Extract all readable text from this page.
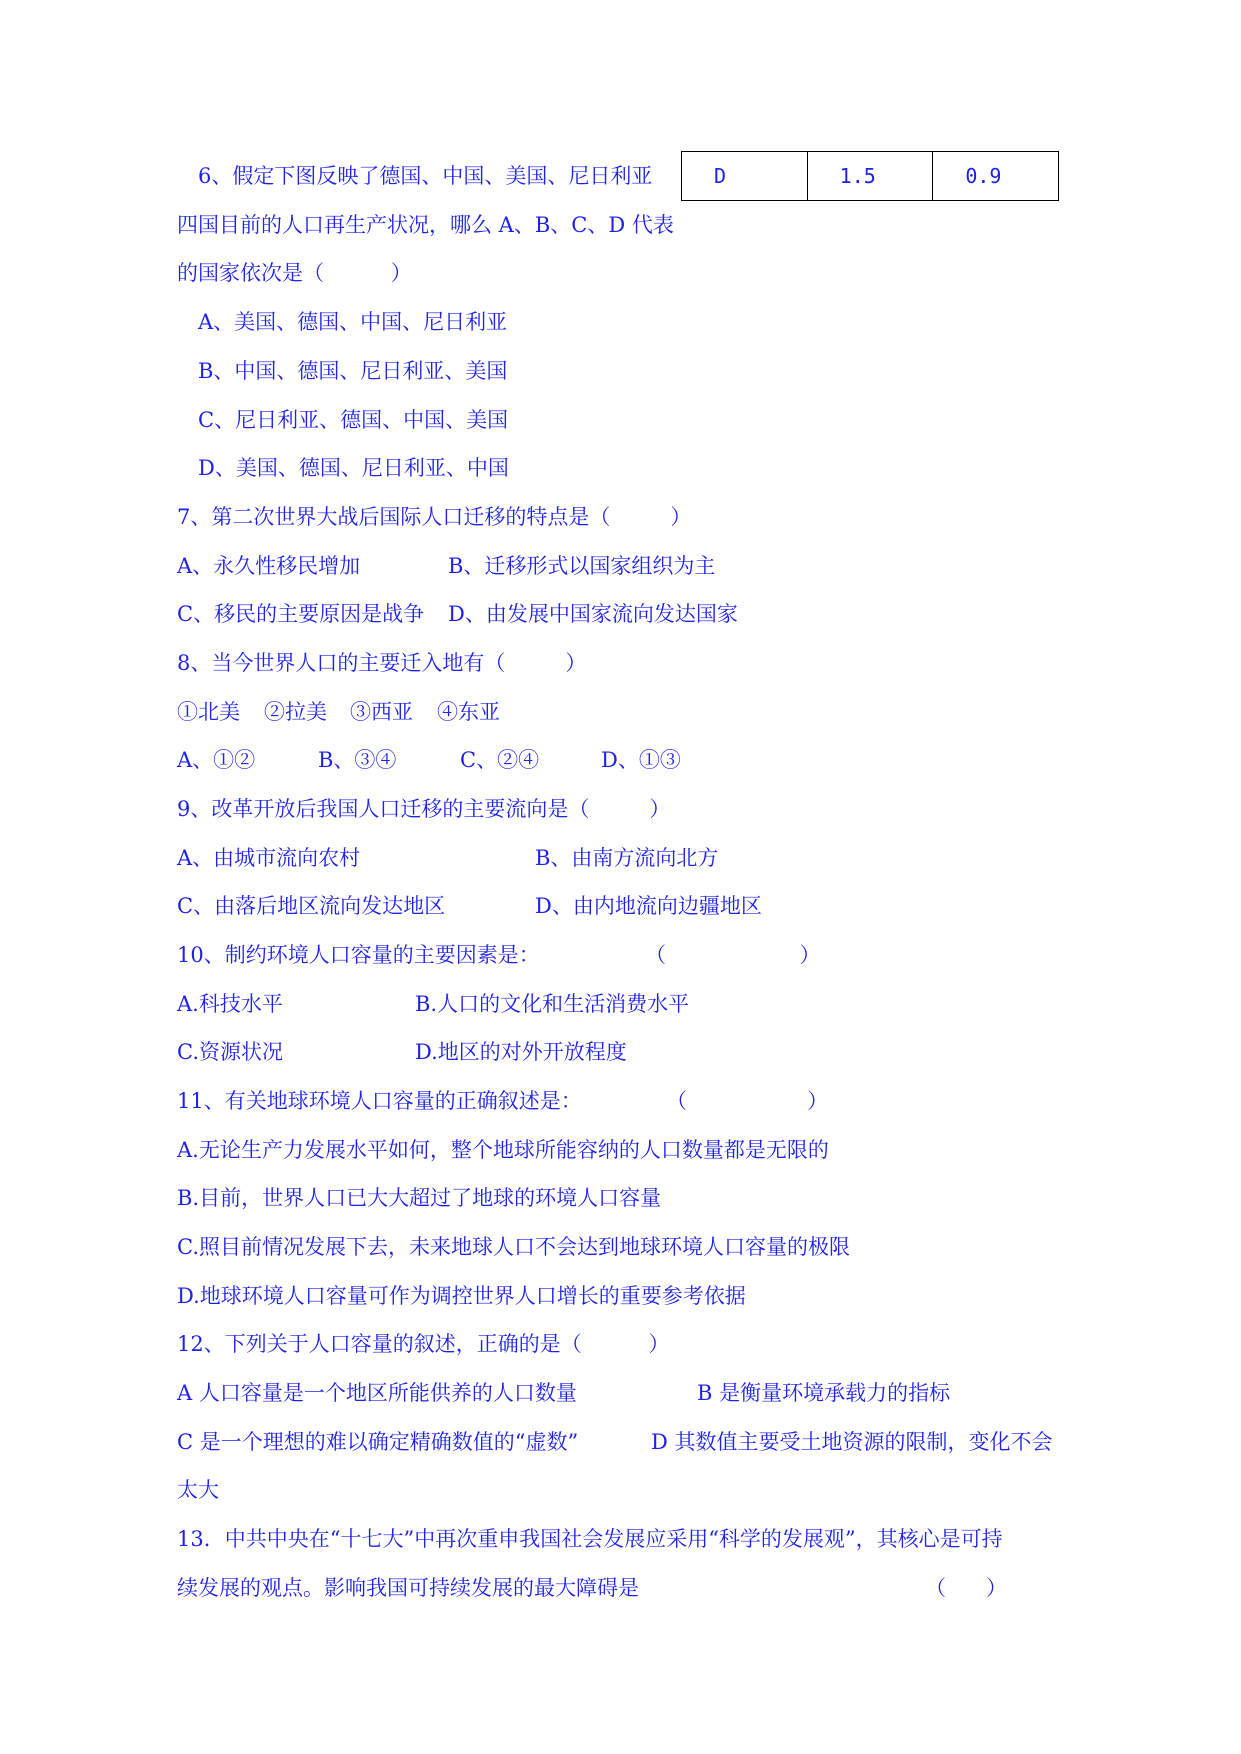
D	1.5	0.9

6、假定下图反映了德国、中国、美国、尼日利亚

四国目前的人口再生产状况，哪么 A、B、C、D 代表

的国家依次是（          ）

A、美国、德国、中国、尼日利亚

B、中国、德国、尼日利亚、美国

C、尼日利亚、德国、中国、美国

D、美国、德国、尼日利亚、中国

7、第二次世界大战后国际人口迁移的特点是（         ）

A、永久性移民增加

	B、迁移形式以国家组织为主

C、移民的主要原因是战争

D、由发展中国家流向发达国家

8、当今世界人口的主要迁入地有（         ）

①北美

②拉美

③西亚

④东亚

A、①②

	B、③④

	C、②④

	D、①③

9、改革开放后我国人口迁移的主要流向是（         ）

A、由城市流向农村

	B、由南方流向北方

C、由落后地区流向发达地区

	D、由内地流向边疆地区

10、制约环境人口容量的主要因素是：

	（                    ）

A.科技水平

	B.人口的文化和生活消费水平

C.资源状况

	D.地区的对外开放程度

11、有关地球环境人口容量的正确叙述是：

	（                  ）

A.无论生产力发展水平如何，整个地球所能容纳的人口数量都是无限的

B.目前，世界人口已大大超过了地球的环境人口容量

C.照目前情况发展下去，未来地球人口不会达到地球环境人口容量的极限

D.地球环境人口容量可作为调控世界人口增长的重要参考依据

12、下列关于人口容量的叙述，正确的是（          ）

A 人口容量是一个地区所能供养的人口数量

	B 是衡量环境承载力的指标

C 是一个理想的难以确定精确数值的“虚数”

	D 其数值主要受土地资源的限制，变化不会

太大

13．中共中央在“十七大”中再次重申我国社会发展应采用“科学的发展观”，其核心是可持

续发展的观点。影响我国可持续发展的最大障碍是

	（      ）
